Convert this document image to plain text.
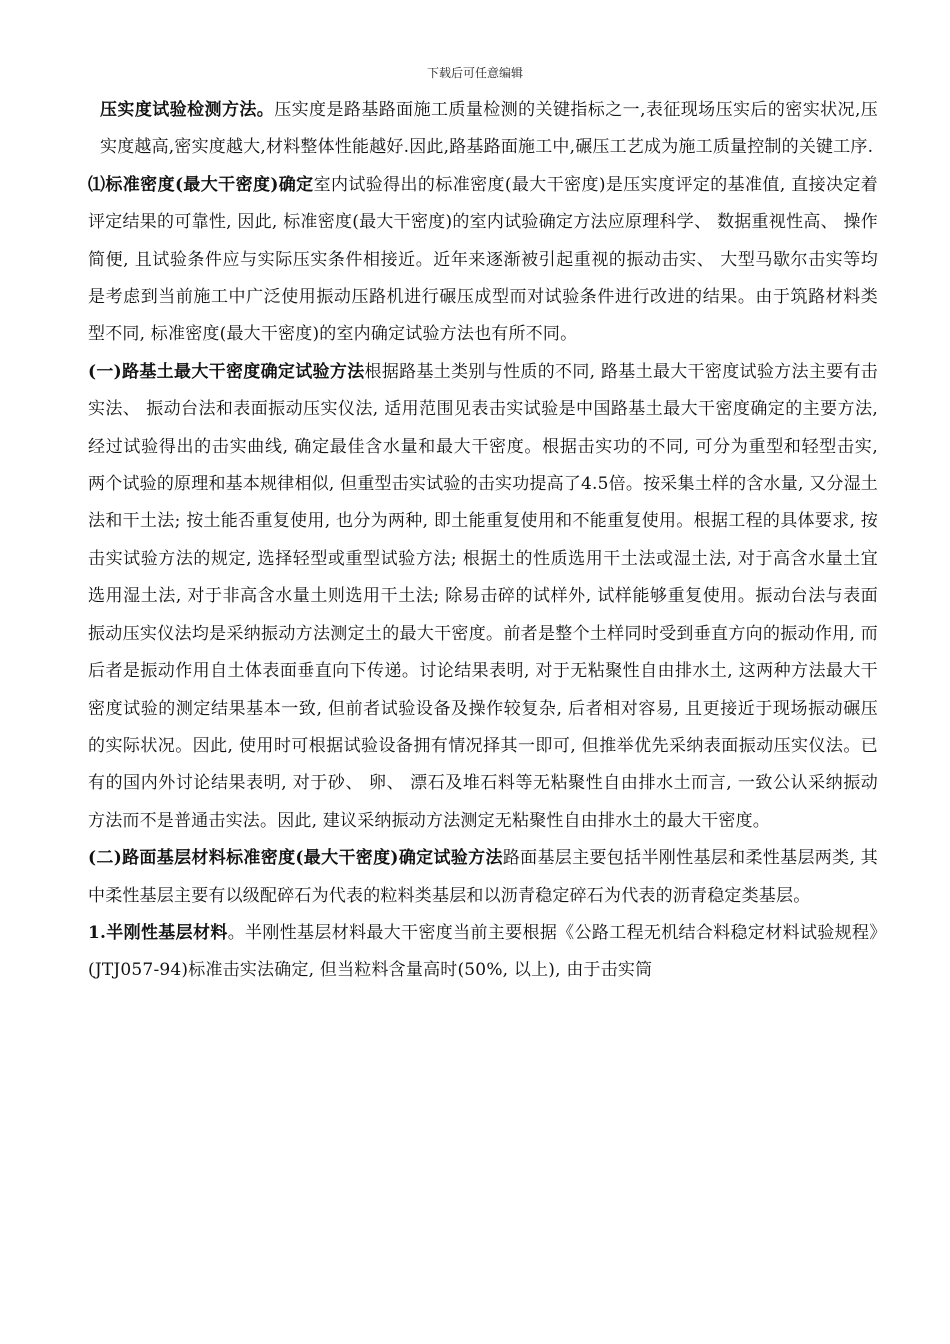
下载后可任意编辑

压实度试验检测方法。压实度是路基路面施工质量检测的关键指标之一,表征现场压实后的密实状况,压实度越高,密实度越大,材料整体性能越好.因此,路基路面施工中,碾压工艺成为施工质量控制的关键工序.

⑴标准密度(最大干密度)确定室内试验得出的标准密度(最大干密度)是压实度评定的基准值, 直接决定着评定结果的可靠性, 因此, 标准密度(最大干密度)的室内试验确定方法应原理科学、 数据重视性高、 操作简便, 且试验条件应与实际压实条件相接近。近年来逐渐被引起重视的振动击实、 大型马歇尔击实等均是考虑到当前施工中广泛使用振动压路机进行碾压成型而对试验条件进行改进的结果。由于筑路材料类型不同, 标准密度(最大干密度)的室内确定试验方法也有所不同。

(一)路基土最大干密度确定试验方法根据路基土类别与性质的不同, 路基土最大干密度试验方法主要有击实法、 振动台法和表面振动压实仪法, 适用范围见表击实试验是中国路基土最大干密度确定的主要方法, 经过试验得出的击实曲线, 确定最佳含水量和最大干密度。根据击实功的不同, 可分为重型和轻型击实, 两个试验的原理和基本规律相似, 但重型击实试验的击实功提高了4.5倍。按采集土样的含水量, 又分湿土法和干土法; 按土能否重复使用, 也分为两种, 即土能重复使用和不能重复使用。根据工程的具体要求, 按击实试验方法的规定, 选择轻型或重型试验方法; 根据土的性质选用干土法或湿土法, 对于高含水量土宜选用湿土法, 对于非高含水量土则选用干土法; 除易击碎的试样外, 试样能够重复使用。振动台法与表面振动压实仪法均是采纳振动方法测定土的最大干密度。前者是整个土样同时受到垂直方向的振动作用, 而后者是振动作用自土体表面垂直向下传递。讨论结果表明, 对于无粘聚性自由排水土, 这两种方法最大干密度试验的测定结果基本一致, 但前者试验设备及操作较复杂, 后者相对容易, 且更接近于现场振动碾压的实际状况。因此, 使用时可根据试验设备拥有情况择其一即可, 但推举优先采纳表面振动压实仪法。已有的国内外讨论结果表明, 对于砂、 卵、 漂石及堆石料等无粘聚性自由排水土而言, 一致公认采纳振动方法而不是普通击实法。因此, 建议采纳振动方法测定无粘聚性自由排水土的最大干密度。

(二)路面基层材料标准密度(最大干密度)确定试验方法路面基层主要包括半刚性基层和柔性基层两类, 其中柔性基层主要有以级配碎石为代表的粒料类基层和以沥青稳定碎石为代表的沥青稳定类基层。

1.半刚性基层材料。半刚性基层材料最大干密度当前主要根据《公路工程无机结合料稳定材料试验规程》(JTJ057-94)标准击实法确定, 但当粒料含量高时(50%, 以上), 由于击实筒
